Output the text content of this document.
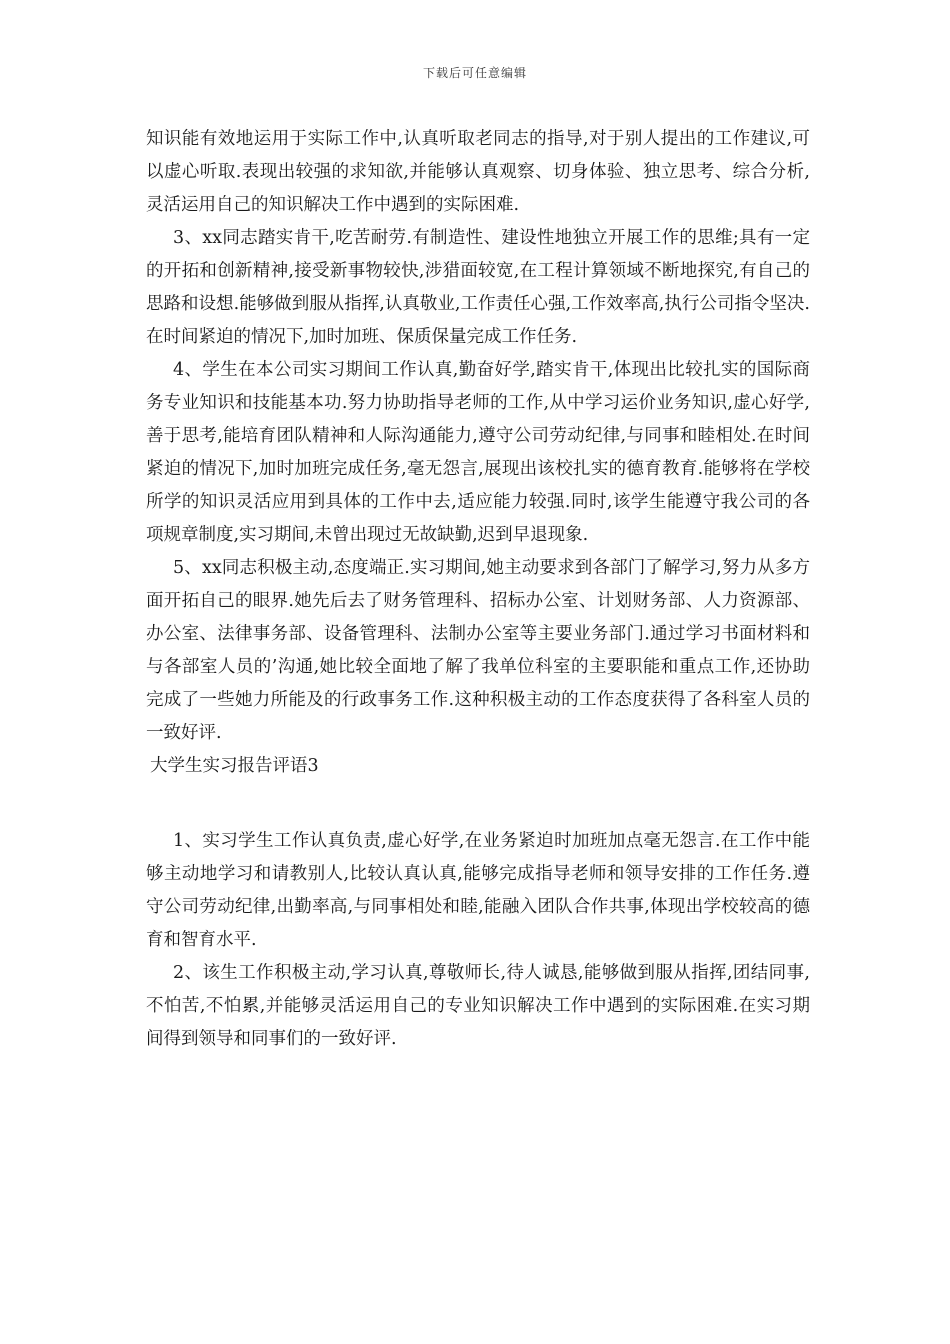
下载后可任意编辑

知识能有效地运用于实际工作中,认真听取老同志的指导,对于别人提出的工作建议,可以虚心听取.表现出较强的求知欲,并能够认真观察、切身体验、独立思考、综合分析,灵活运用自己的知识解决工作中遇到的实际困难.

3、xx同志踏实肯干,吃苦耐劳.有制造性、建设性地独立开展工作的思维;具有一定的开拓和创新精神,接受新事物较快,涉猎面较宽,在工程计算领域不断地探究,有自己的思路和设想.能够做到服从指挥,认真敬业,工作责任心强,工作效率高,执行公司指令坚决.在时间紧迫的情况下,加时加班、保质保量完成工作任务.

4、学生在本公司实习期间工作认真,勤奋好学,踏实肯干,体现出比较扎实的国际商务专业知识和技能基本功.努力协助指导老师的工作,从中学习运价业务知识,虚心好学,善于思考,能培育团队精神和人际沟通能力,遵守公司劳动纪律,与同事和睦相处.在时间紧迫的情况下,加时加班完成任务,毫无怨言,展现出该校扎实的德育教育.能够将在学校所学的知识灵活应用到具体的工作中去,适应能力较强.同时,该学生能遵守我公司的各项规章制度,实习期间,未曾出现过无故缺勤,迟到早退现象.

5、xx同志积极主动,态度端正.实习期间,她主动要求到各部门了解学习,努力从多方面开拓自己的眼界.她先后去了财务管理科、招标办公室、计划财务部、人力资源部、办公室、法律事务部、设备管理科、法制办公室等主要业务部门.通过学习书面材料和与各部室人员的’沟通,她比较全面地了解了我单位科室的主要职能和重点工作,还协助完成了一些她力所能及的行政事务工作.这种积极主动的工作态度获得了各科室人员的一致好评.

大学生实习报告评语3

1、实习学生工作认真负责,虚心好学,在业务紧迫时加班加点毫无怨言.在工作中能够主动地学习和请教别人,比较认真认真,能够完成指导老师和领导安排的工作任务.遵守公司劳动纪律,出勤率高,与同事相处和睦,能融入团队合作共事,体现出学校较高的德育和智育水平.

2、该生工作积极主动,学习认真,尊敬师长,待人诚恳,能够做到服从指挥,团结同事,不怕苦,不怕累,并能够灵活运用自己的专业知识解决工作中遇到的实际困难.在实习期间得到领导和同事们的一致好评.
